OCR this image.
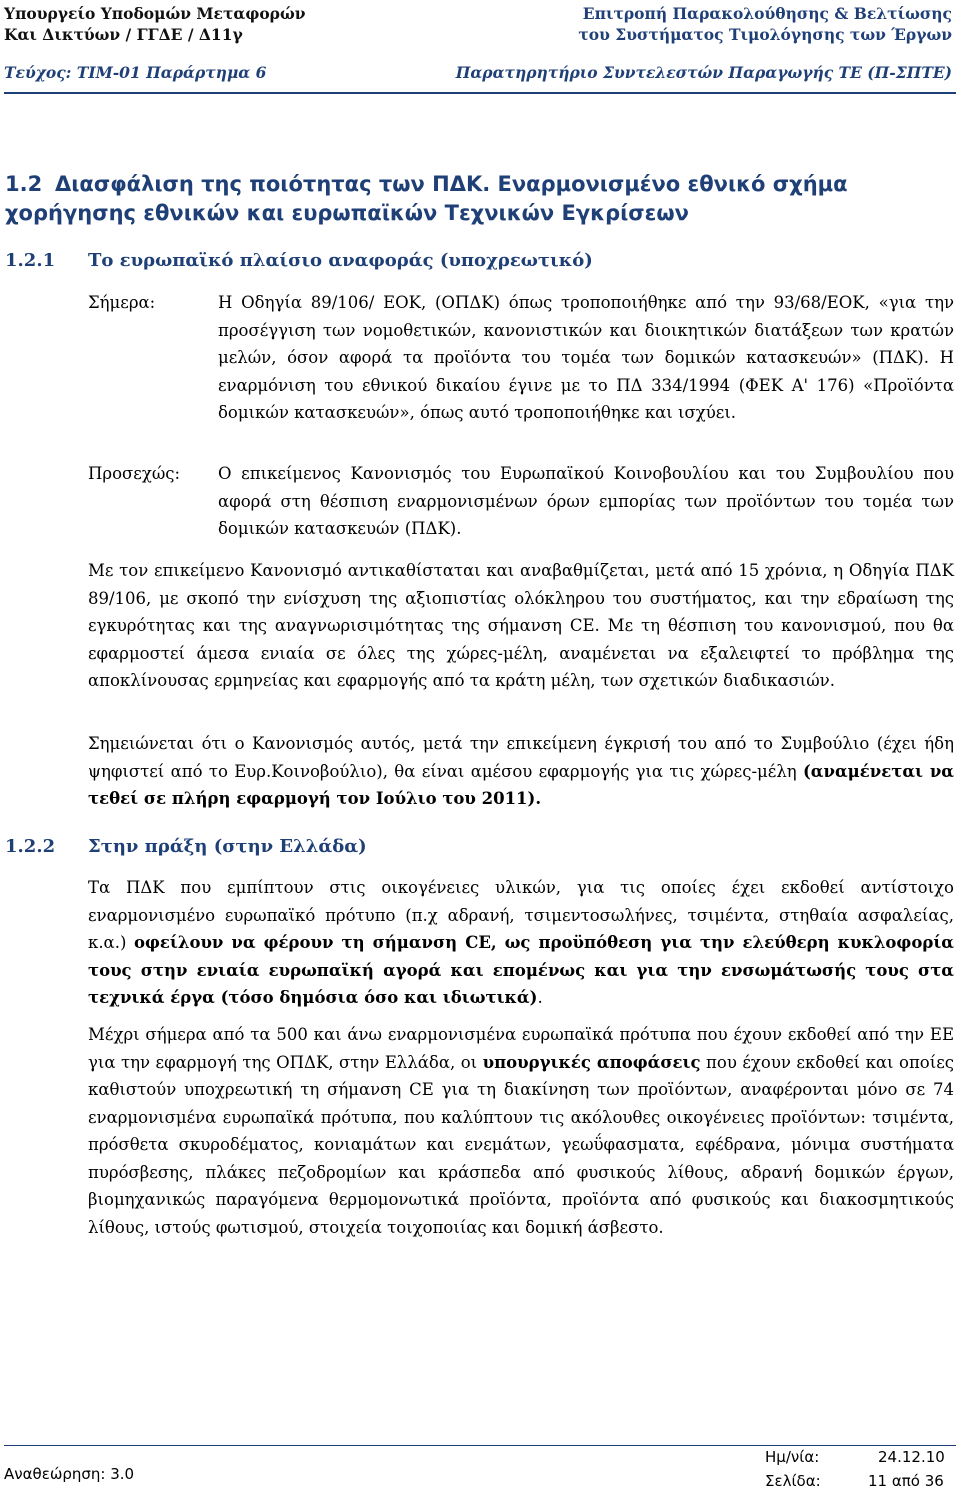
Υπουργείο Υποδομών Μεταφορών	Επιτροπή Παρακολούθησης & Βελτίωσης
Και Δικτύων / ΓΓΔΕ / Δ11γ	του Συστήματος Τιμολόγησης των Έργων
Τεύχος: ΤΙΜ-01 Παράρτημα 6	Παρατηρητήριο Συντελεστών Παραγωγής ΤΕ (Π-ΣΠΤΕ)
1.2 Διασφάλιση της ποιότητας των ΠΔΚ. Εναρμονισμένο εθνικό σχήμα
χορήγησης εθνικών και ευρωπαϊκών Τεχνικών Εγκρίσεων
1.2.1 Το ευρωπαϊκό πλαίσιο αναφοράς (υποχρεωτικό)
Σήμερα:	Η Οδηγία 89/106/ ΕΟΚ, (ΟΠΔΚ) όπως τροποποιήθηκε από την 93/68/ΕΟΚ, «για την προσέγγιση των νομοθετικών, κανονιστικών και διοικητικών διατάξεων των κρατών μελών, όσον αφορά τα προϊόντα του τομέα των δομικών κατασκευών» (ΠΔΚ). Η εναρμόνιση του εθνικού δικαίου έγινε με το ΠΔ 334/1994 (ΦΕΚ Α' 176) «Προϊόντα δομικών κατασκευών», όπως αυτό τροποποιήθηκε και ισχύει.
Προσεχώς: Ο επικείμενος Κανονισμός του Ευρωπαϊκού Κοινοβουλίου και του Συμβουλίου που αφορά στη θέσπιση εναρμονισμένων όρων εμπορίας των προϊόντων του τομέα των δομικών κατασκευών (ΠΔΚ).
Με τον επικείμενο Κανονισμό αντικαθίσταται και αναβαθμίζεται, μετά από 15 χρόνια, η Οδηγία ΠΔΚ 89/106, με σκοπό την ενίσχυση της αξιοπιστίας ολόκληρου του συστήματος, και την εδραίωση της εγκυρότητας και της αναγνωρισιμότητας της σήμανση CE. Με τη θέσπιση του κανονισμού, που θα εφαρμοστεί άμεσα ενιαία σε όλες της χώρες-μέλη, αναμένεται να εξαλειφτεί το πρόβλημα της αποκλίνουσας ερμηνείας και εφαρμογής από τα κράτη μέλη, των σχετικών διαδικασιών.
Σημειώνεται ότι ο Κανονισμός αυτός, μετά την επικείμενη έγκρισή του από το Συμβούλιο (έχει ήδη ψηφιστεί από το Ευρ.Κοινοβούλιο), θα είναι αμέσου εφαρμογής για τις χώρες-μέλη (αναμένεται να τεθεί σε πλήρη εφαρμογή τον Ιούλιο του 2011).
1.2.2 Στην πράξη (στην Ελλάδα)
Τα ΠΔΚ που εμπίπτουν στις οικογένειες υλικών, για τις οποίες έχει εκδοθεί αντίστοιχο εναρμονισμένο ευρωπαϊκό πρότυπο (π.χ αδρανή, τσιμεντοσωλήνες, τσιμέντα, στηθαία ασφαλείας, κ.α.) οφείλουν να φέρουν τη σήμανση CE, ως προϋπόθεση για την ελεύθερη κυκλοφορία τους στην ενιαία ευρωπαϊκή αγορά και επομένως και για την ενσωμάτωσής τους στα τεχνικά έργα (τόσο δημόσια όσο και ιδιωτικά).
Μέχρι σήμερα από τα 500 και άνω εναρμονισμένα ευρωπαϊκά πρότυπα που έχουν εκδοθεί από την ΕΕ για την εφαρμογή της ΟΠΔΚ, στην Ελλάδα, οι υπουργικές αποφάσεις που έχουν εκδοθεί και οποίες καθιστούν υποχρεωτική τη σήμανση CE για τη διακίνηση των προϊόντων, αναφέρονται μόνο σε 74 εναρμονισμένα ευρωπαϊκά πρότυπα, που καλύπτουν τις ακόλουθες οικογένειες προϊόντων: τσιμέντα, πρόσθετα σκυροδέματος, κονιαμάτων και ενεμάτων, γεωΰφασματα, εφέδρανα, μόνιμα συστήματα πυρόσβεσης, πλάκες πεζοδρομίων και κράσπεδα από φυσικούς λίθους, αδρανή δομικών έργων, βιομηχανικώς παραγόμενα θερμομονωτικά προϊόντα, προϊόντα από φυσικούς και διακοσμητικούς λίθους, ιστούς φωτισμού, στοιχεία τοιχοποιίας και δομική άσβεστο.
Αναθεώρηση: 3.0
Ημ/νία:	24.12.10
Σελίδα:	11 από 36
